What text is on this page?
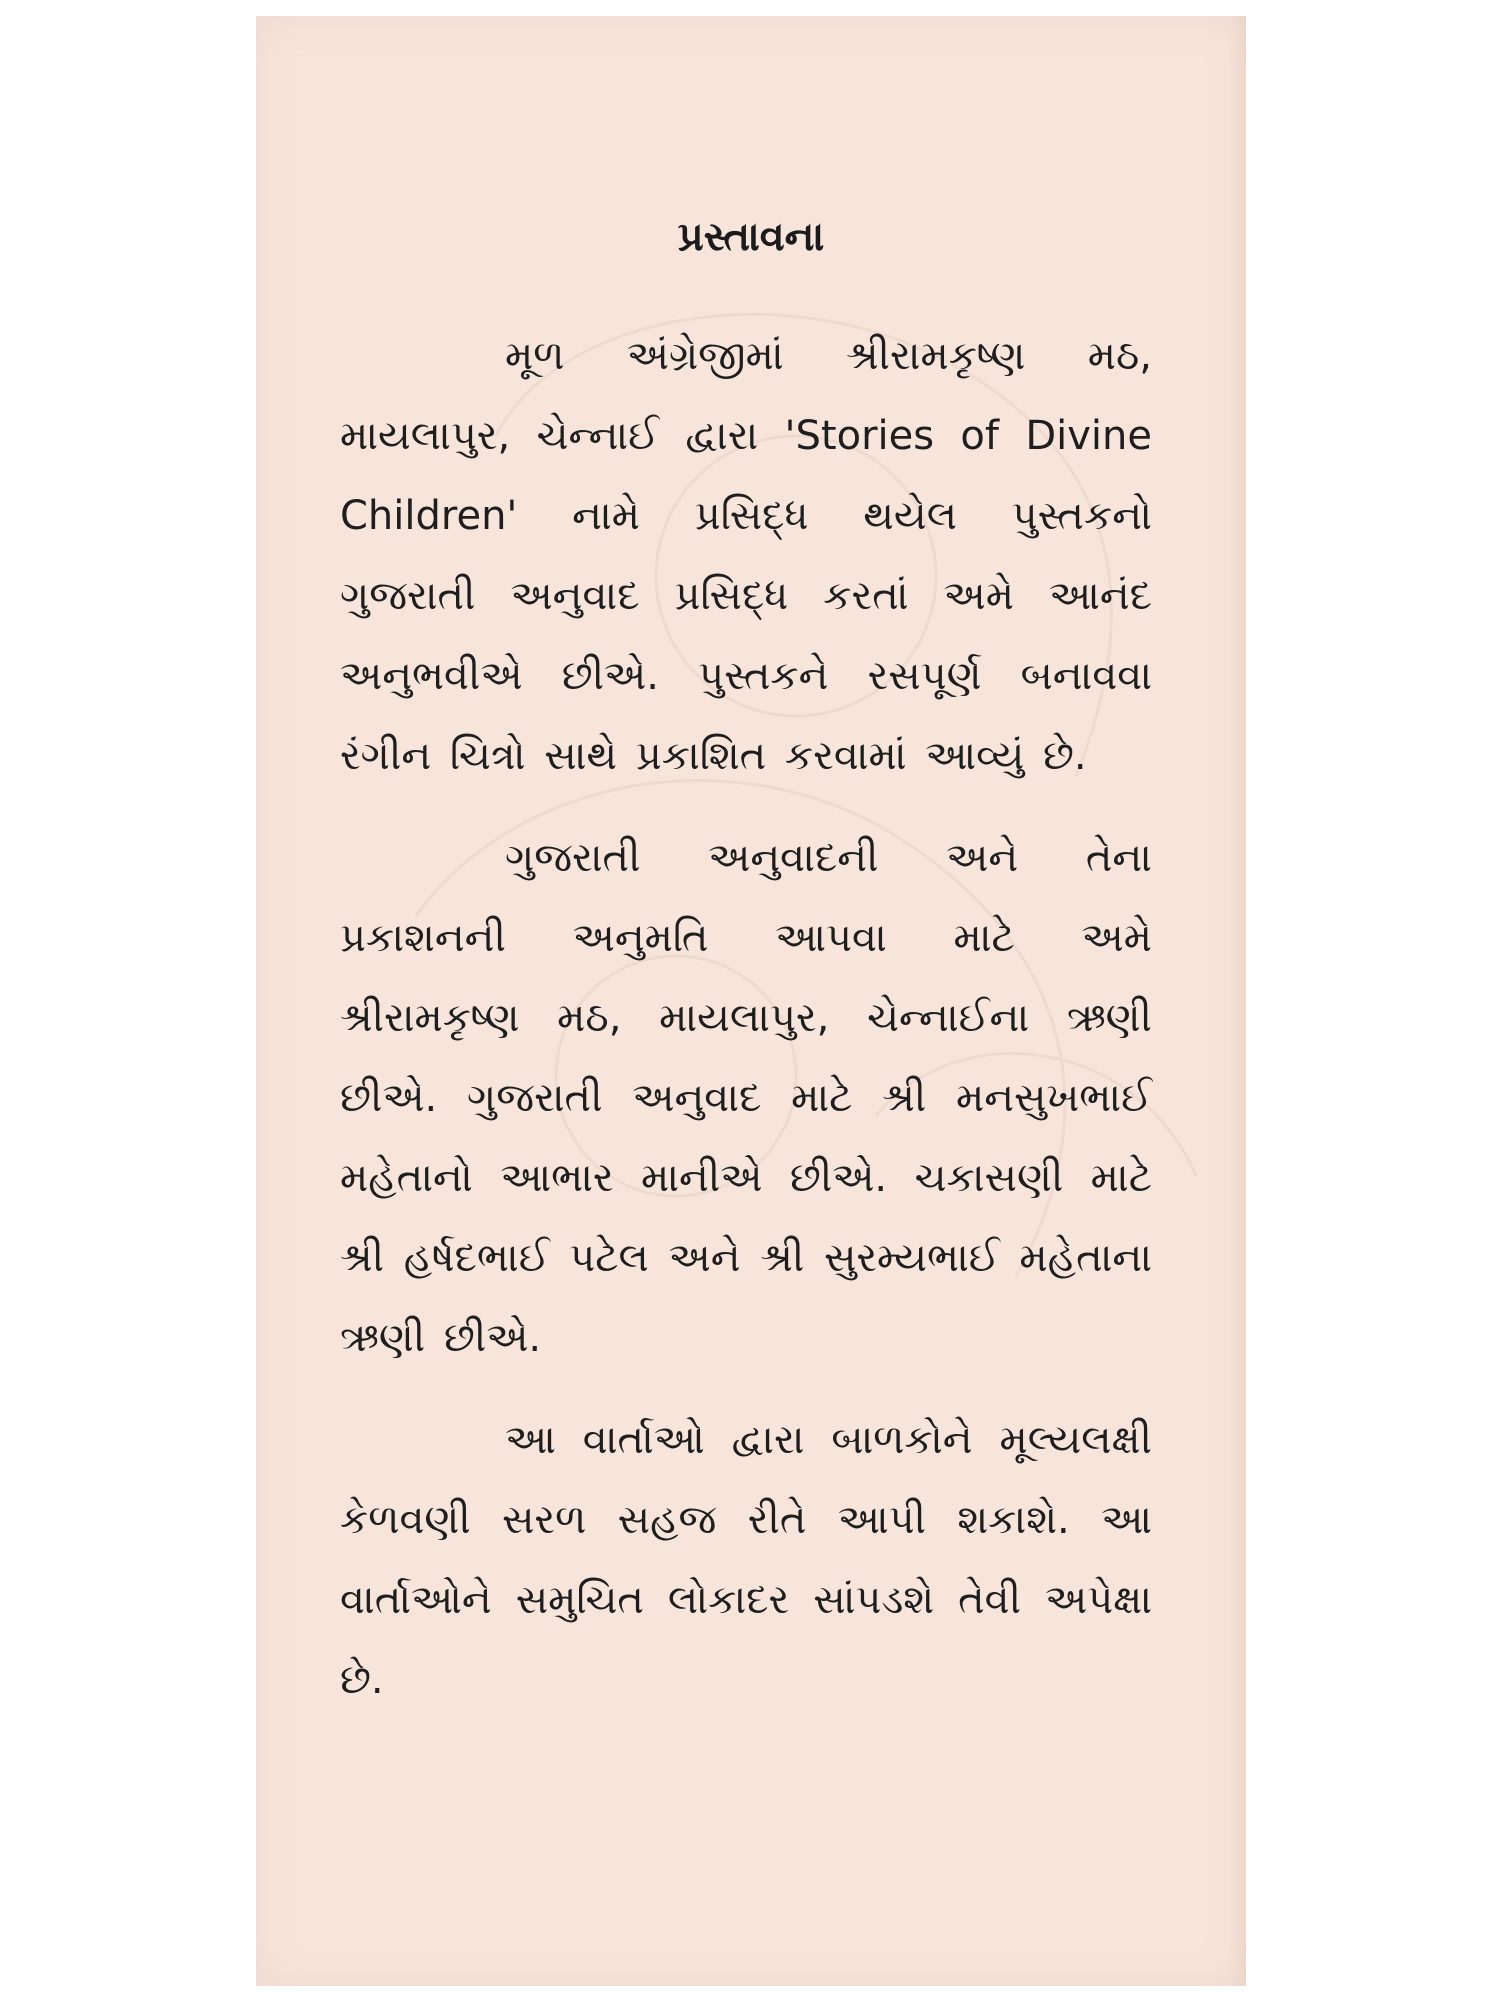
પ્રસ્તાવના

મૂળ અંગ્રેજીમાં શ્રીરામકૃષ્ણ મઠ, માયલાપુર, ચેન્નાઈ દ્વારા 'Stories of Divine Children' નામે પ્રસિદ્ધ થયેલ પુસ્તકનો ગુજરાતી અનુવાદ પ્રસિદ્ધ કરતાં અમે આનંદ અનુભવીએ છીએ. પુસ્તકને રસપૂર્ણ બનાવવા રંગીન ચિત્રો સાથે પ્રકાશિત કરવામાં આવ્યું છે.

ગુજરાતી અનુવાદની અને તેના પ્રકાશનની અનુમતિ આપવા માટે અમે શ્રીરામકૃષ્ણ મઠ, માયલાપુર, ચેન્નાઈના ઋણી છીએ. ગુજરાતી અનુવાદ માટે શ્રી મનસુખભાઈ મહેતાનો આભાર માનીએ છીએ. ચકાસણી માટે શ્રી હર્ષદભાઈ પટેલ અને શ્રી સુરમ્યભાઈ મહેતાના ઋણી છીએ.

આ વાર્તાઓ દ્વારા બાળકોને મૂલ્યલક્ષી કેળવણી સરળ સહજ રીતે આપી શકાશે. આ વાર્તાઓને સમુચિત લોકાદર સાંપડશે તેવી અપેક્ષા છે.
